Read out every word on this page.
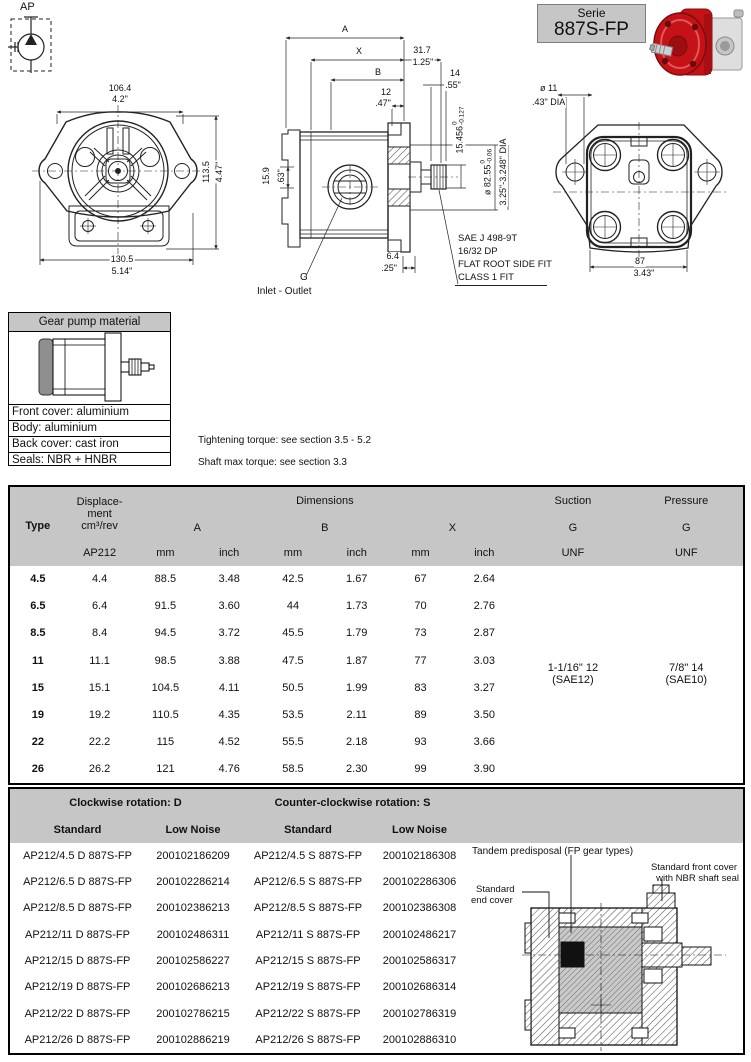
AP	Serie
887S-FP
106.4
4.2"
113.5 4.47"
130.5
5.14"
A
X
B
31.7
1.25"
14
.55"
12
.47"
15.9 .63"
6.4
.25"
15.456
0 -0.127
ø 82.55
0 -0.06 3.25"-3.248" DIA
SAE J 498-9T
16/32 DP
FLAT ROOT SIDE FIT
CLASS 1 FIT
G
Inlet - Outlet
ø 11
.43" DIA
87
3.43"
Gear pump material
Front cover: aluminium
Body: aluminium
Back cover: cast iron
Seals: NBR + HNBR
Tightening torque: see section 3.5 - 5.2
Shaft max torque: see section 3.3
Type	Displace-
ment
cm³/rev	Dimensions						Suction	Pressure
		A		B		X		G	G
	AP212	mm	inch	mm	inch	mm	inch	UNF	UNF
4.5	4.4	88.5	3.48	42.5	1.67	67	2.64	1-1/16" 12
(SAE12)	7/8" 14
(SAE10)
6.5	6.4	91.5	3.60	44	1.73	70	2.76		
8.5	8.4	94.5	3.72	45.5	1.79	73	2.87		
11	11.1	98.5	3.88	47.5	1.87	77	3.03		
15	15.1	104.5	4.11	50.5	1.99	83	3.27		
19	19.2	110.5	4.35	53.5	2.11	89	3.50		
22	22.2	115	4.52	55.5	2.18	93	3.66		
26	26.2	121	4.76	58.5	2.30	99	3.90		
Clockwise rotation: D		Counter-clockwise rotation: S		
Standard	Low Noise	Standard	Low Noise	
AP212/4.5 D 887S-FP	200102186209	AP212/4.5 S 887S-FP	200102186308	Tandem predisposal (FP gear types)
Standard front cover
with NBR shaft seal
Standard
end cover

AP212/6.5 D 887S-FP	200102286214	AP212/6.5 S 887S-FP	200102286306	
AP212/8.5 D 887S-FP	200102386213	AP212/8.5 S 887S-FP	200102386308	
AP212/11 D 887S-FP	200102486311	AP212/11 S 887S-FP	200102486217	
AP212/15 D 887S-FP	200102586227	AP212/15 S 887S-FP	200102586317	
AP212/19 D 887S-FP	200102686213	AP212/19 S 887S-FP	200102686314	
AP212/22 D 887S-FP	200102786215	AP212/22 S 887S-FP	200102786319	
AP212/26 D 887S-FP	200102886219	AP212/26 S 887S-FP	200102886310	
